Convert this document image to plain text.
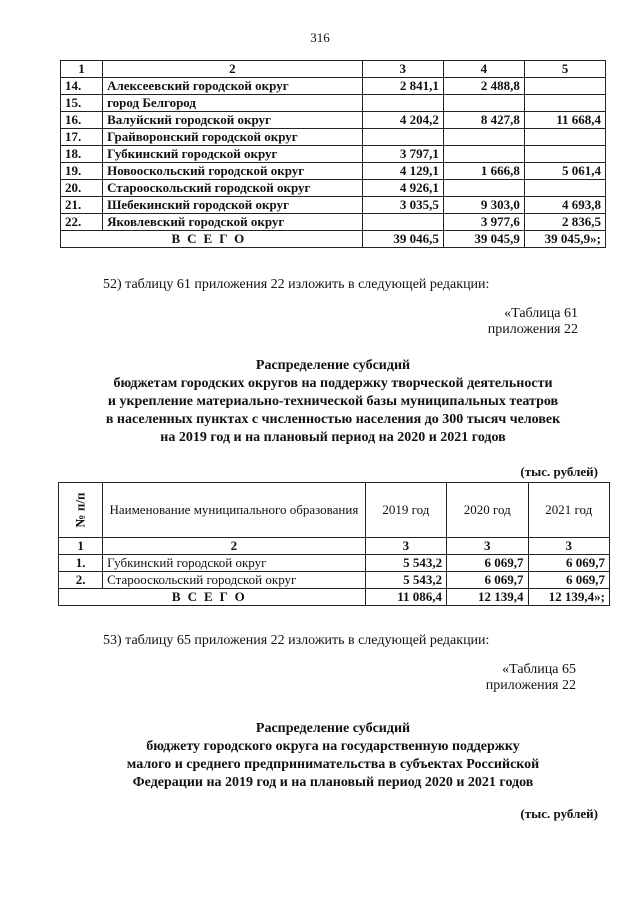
316
1	2	3	4	5
14.	Алексеевский городской округ	2 841,1	2 488,8	
15.	город Белгород			
16.	Валуйский городской округ	4 204,2	8 427,8	11 668,4
17.	Грайворонский городской округ			
18.	Губкинский городской округ	3 797,1		
19.	Новооскольский городской округ	4 129,1	1 666,8	5 061,4
20.	Старооскольский городской округ	4 926,1		
21.	Шебекинский городской округ	3 035,5	9 303,0	4 693,8
22.	Яковлевский городской округ		3 977,6	2 836,5
ВСЕГО		39 046,5	39 045,9	39 045,9»;
52) таблицу 61 приложения 22 изложить в следующей редакции:
«Таблица 61
приложения 22
Распределение субсидий
бюджетам городских округов на поддержку творческой деятельности
и укрепление материально-технической базы муниципальных театров
в населенных пунктах с численностью населения до 300 тысяч человек
на 2019 год и на плановый период на 2020 и 2021 годов
(тыс. рублей)
№ п/п	Наименование муниципального образования	2019 год	2020 год	2021 год
1	2	3	3	3
1.	Губкинский городской округ	5 543,2	6 069,7	6 069,7
2.	Старооскольский городской округ	5 543,2	6 069,7	6 069,7
ВСЕГО		11 086,4	12 139,4	12 139,4»;
53) таблицу 65 приложения 22 изложить в следующей редакции:
«Таблица 65
приложения 22
Распределение субсидий
бюджету городского округа на государственную поддержку
малого и среднего предпринимательства в субъектах Российской
Федерации на 2019 год и на плановый период 2020 и 2021 годов
(тыс. рублей)
